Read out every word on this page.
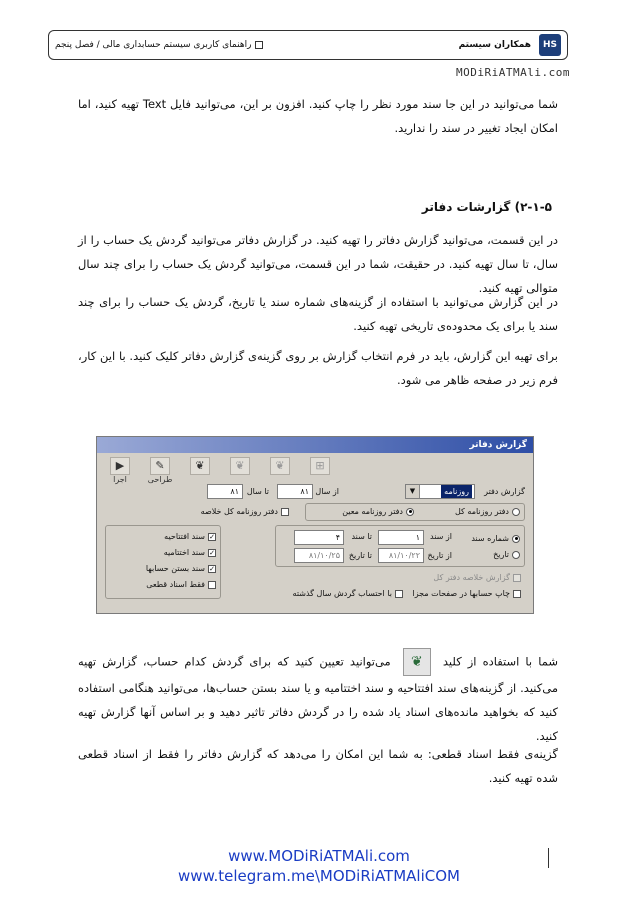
HS
همکاران سیستم
راهنمای کاربری سیستم حسابداری مالی / فصل پنجم
MODiRiATMAli.com

شما می‌توانید در این جا سند مورد نظر را چاپ کنید. افزون بر این، می‌توانید فایل Text تهیه کنید، اما امکان ایجاد تغییر در سند را ندارید.

۲-۱-۵) گزارشات دفاتر

در این قسمت، می‌توانید گزارش دفاتر را تهیه کنید. در گزارش دفاتر می‌توانید گردش یک حساب را از سال، تا سال تهیه کنید. در حقیقت، شما در این قسمت، می‌توانید گردش یک حساب را برای چند سال متوالی تهیه کنید.

در این گزارش می‌توانید با استفاده از گزینه‌های شماره سند یا تاریخ، گردش یک حساب را برای چند سند یا برای یک محدوده‌ی تاریخی تهیه کنید.

برای تهیه این گزارش، باید در فرم انتخاب گزارش بر روی گزینه‌ی گزارش دفاتر کلیک کنید. با این کار، فرم زیر در صفحه ظاهر می شود.

گزارش دفاتر
▶
اجرا
✎
طراحی
❦	❦	❦	⊞
گزارش دفتر
روزنامه
▼
از سال
۸۱
تا سال
۸۱
دفتر روزنامه کل
دفتر روزنامه معین
دفتر روزنامه کل خلاصه
شماره سند
تاریخ
از سند
۱
تا سند
۴
از تاریخ
۸۱/۱۰/۲۲
تا تاریخ
۸۱/۱۰/۲۵
گزارش خلاصه دفتر کل
چاپ حسابها در صفحات مجزا
با احتساب گردش سال گذشته
✓سند افتتاحیه
✓سند اختتامیه
✓سند بستن حسابها
فقط اسناد قطعی

شما با استفاده از کلید ❦ می‌توانید تعیین کنید که برای گردش کدام حساب، گزارش تهیه می‌کنید. از گزینه‌های سند افتتاحیه و سند اختتامیه و یا سند بستن حساب‌ها، می‌توانید هنگامی استفاده کنید که بخواهید مانده‌های اسناد یاد شده را در گردش دفاتر تاثیر دهید و بر اساس آنها گزارش تهیه کنید.

گزینه‌ی فقط اسناد قطعی: به شما این امکان را می‌دهد که گزارش دفاتر را فقط از اسناد قطعی شده تهیه کنید.

www.MODiRiATMAli.com
www.telegram.me\MODiRiATMAliCOM
